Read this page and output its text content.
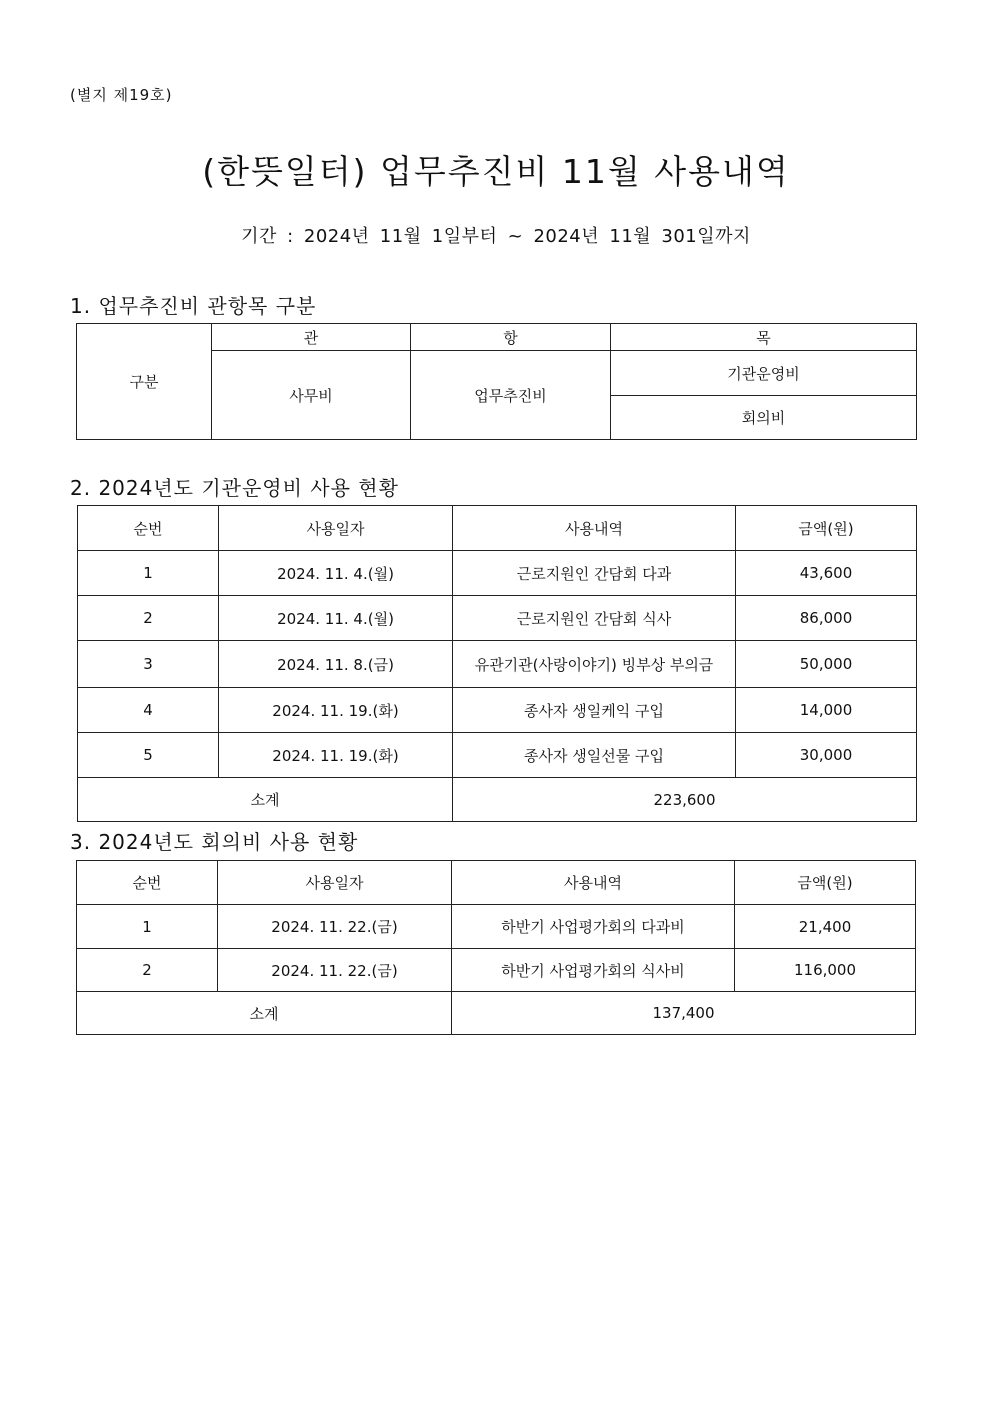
(별지 제19호)
(한뜻일터) 업무추진비 11월 사용내역
기간 : 2024년 11월 1일부터 ~ 2024년 11월 301일까지
1. 업무추진비 관항목 구분
구분	관	항	목
	사무비	업무추진비	기관운영비
			회의비
2. 2024년도 기관운영비 사용 현황
순번	사용일자	사용내역	금액(원)
1	2024. 11. 4.(월)	근로지원인 간담회 다과	43,600
2	2024. 11. 4.(월)	근로지원인 간담회 식사	86,000
3	2024. 11. 8.(금)	유관기관(사랑이야기) 빙부상 부의금	50,000
4	2024. 11. 19.(화)	종사자 생일케익 구입	14,000
5	2024. 11. 19.(화)	종사자 생일선물 구입	30,000
소계		223,600	
3. 2024년도 회의비 사용 현황
순번	사용일자	사용내역	금액(원)
1	2024. 11. 22.(금)	하반기 사업평가회의 다과비	21,400
2	2024. 11. 22.(금)	하반기 사업평가회의 식사비	116,000
소계		137,400	
